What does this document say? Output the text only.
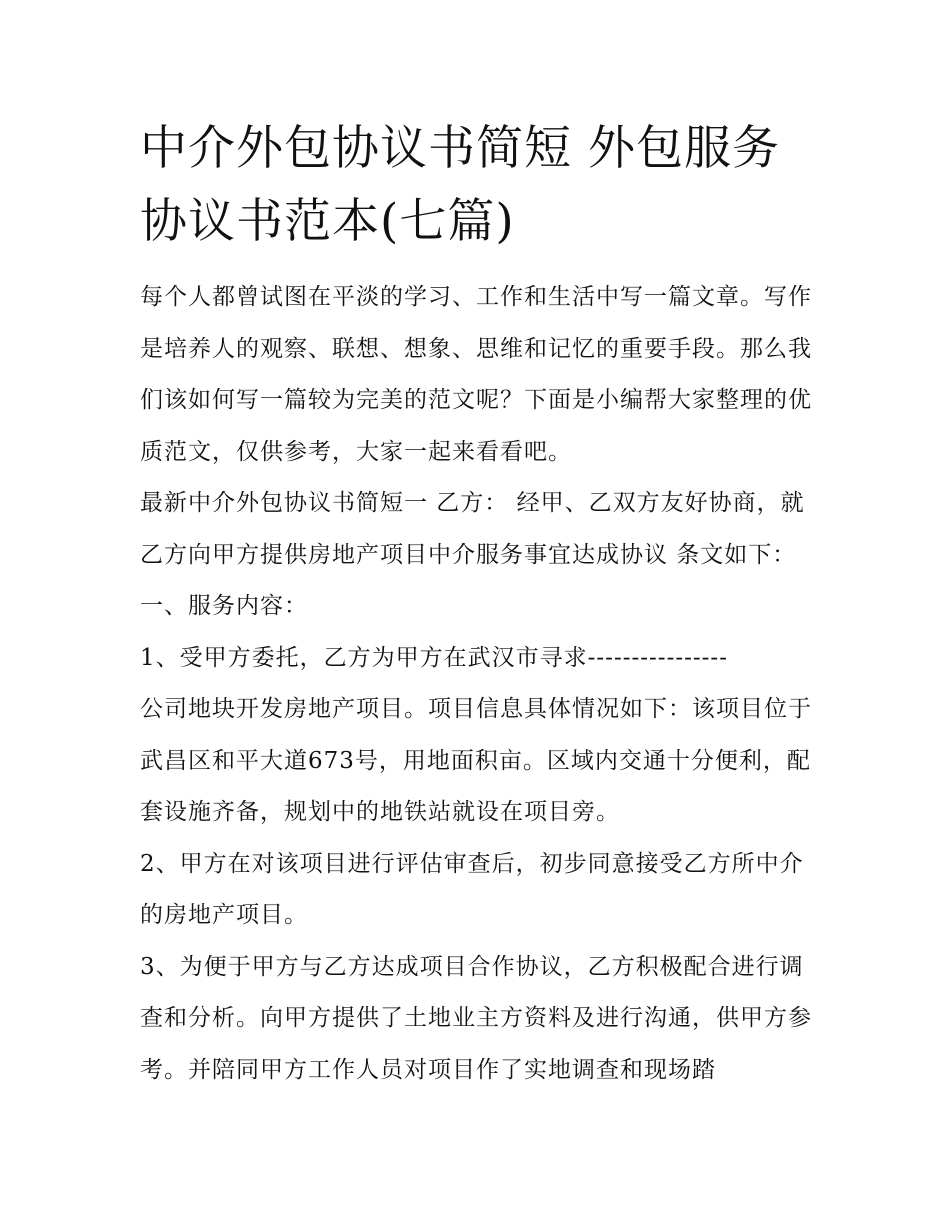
中介外包协议书简短 外包服务协议书范本(七篇)

每个人都曾试图在平淡的学习、工作和生活中写一篇文章。写作是培养人的观察、联想、想象、思维和记忆的重要手段。那么我们该如何写一篇较为完美的范文呢？下面是小编帮大家整理的优质范文，仅供参考，大家一起来看看吧。

最新中介外包协议书简短一 乙方： 经甲、乙双方友好协商，就乙方向甲方提供房地产项目中介服务事宜达成协议 条文如下： 一、服务内容：

1、受甲方委托，乙方为甲方在武汉市寻求----------------

公司地块开发房地产项目。项目信息具体情况如下：该项目位于武昌区和平大道673号，用地面积亩。区域内交通十分便利，配套设施齐备，规划中的地铁站就设在项目旁。

2、甲方在对该项目进行评估审查后，初步同意接受乙方所中介的房地产项目。

3、为便于甲方与乙方达成项目合作协议，乙方积极配合进行调查和分析。向甲方提供了土地业主方资料及进行沟通，供甲方参考。并陪同甲方工作人员对项目作了实地调查和现场踏
